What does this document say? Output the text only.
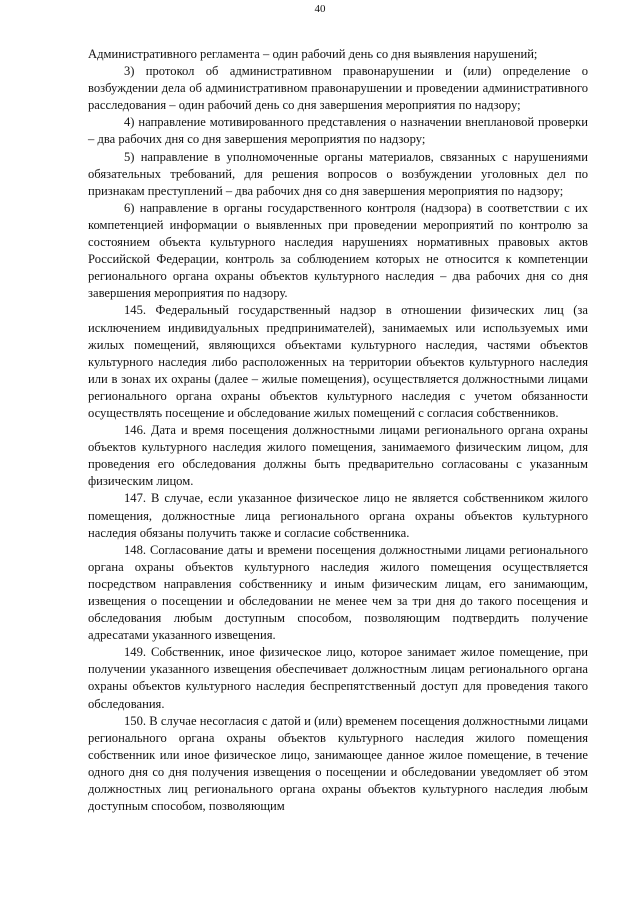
40

Административного регламента – один рабочий день со дня выявления нарушений;

3) протокол об административном правонарушении и (или) определение о возбуждении дела об административном правонарушении и проведении административного расследования – один рабочий день со дня завершения мероприятия по надзору;

4) направление мотивированного представления о назначении внеплановой проверки – два рабочих дня со дня завершения мероприятия по надзору;

5) направление в уполномоченные органы материалов, связанных с нарушениями обязательных требований, для решения вопросов о возбуждении уголовных дел по признакам преступлений – два рабочих дня со дня завершения мероприятия по надзору;

6) направление в органы государственного контроля (надзора) в соответствии с их компетенцией информации о выявленных при проведении мероприятий по контролю за состоянием объекта культурного наследия нарушениях нормативных правовых актов Российской Федерации, контроль за соблюдением которых не относится к компетенции регионального органа охраны объектов культурного наследия – два рабочих дня со дня завершения мероприятия по надзору.

145. Федеральный государственный надзор в отношении физических лиц (за исключением индивидуальных предпринимателей), занимаемых или используемых ими жилых помещений, являющихся объектами культурного наследия, частями объектов культурного наследия либо расположенных на территории объектов культурного наследия или в зонах их охраны (далее – жилые помещения), осуществляется должностными лицами регионального органа охраны объектов культурного наследия с учетом обязанности осуществлять посещение и обследование жилых помещений с согласия собственников.

146. Дата и время посещения должностными лицами регионального органа охраны объектов культурного наследия жилого помещения, занимаемого физическим лицом, для проведения его обследования должны быть предварительно согласованы с указанным физическим лицом.

147. В случае, если указанное физическое лицо не является собственником жилого помещения, должностные лица регионального органа охраны объектов культурного наследия обязаны получить также и согласие собственника.

148. Согласование даты и времени посещения должностными лицами регионального органа охраны объектов культурного наследия жилого помещения осуществляется посредством направления собственнику и иным физическим лицам, его занимающим, извещения о посещении и обследовании не менее чем за три дня до такого посещения и обследования любым доступным способом, позволяющим подтвердить получение адресатами указанного извещения.

149. Собственник, иное физическое лицо, которое занимает жилое помещение, при получении указанного извещения обеспечивает должностным лицам регионального органа охраны объектов культурного наследия беспрепятственный доступ для проведения такого обследования.

150. В случае несогласия с датой и (или) временем посещения должностными лицами регионального органа охраны объектов культурного наследия жилого помещения собственник или иное физическое лицо, занимающее данное жилое помещение, в течение одного дня со дня получения извещения о посещении и обследовании уведомляет об этом должностных лиц регионального органа охраны объектов культурного наследия любым доступным способом, позволяющим
